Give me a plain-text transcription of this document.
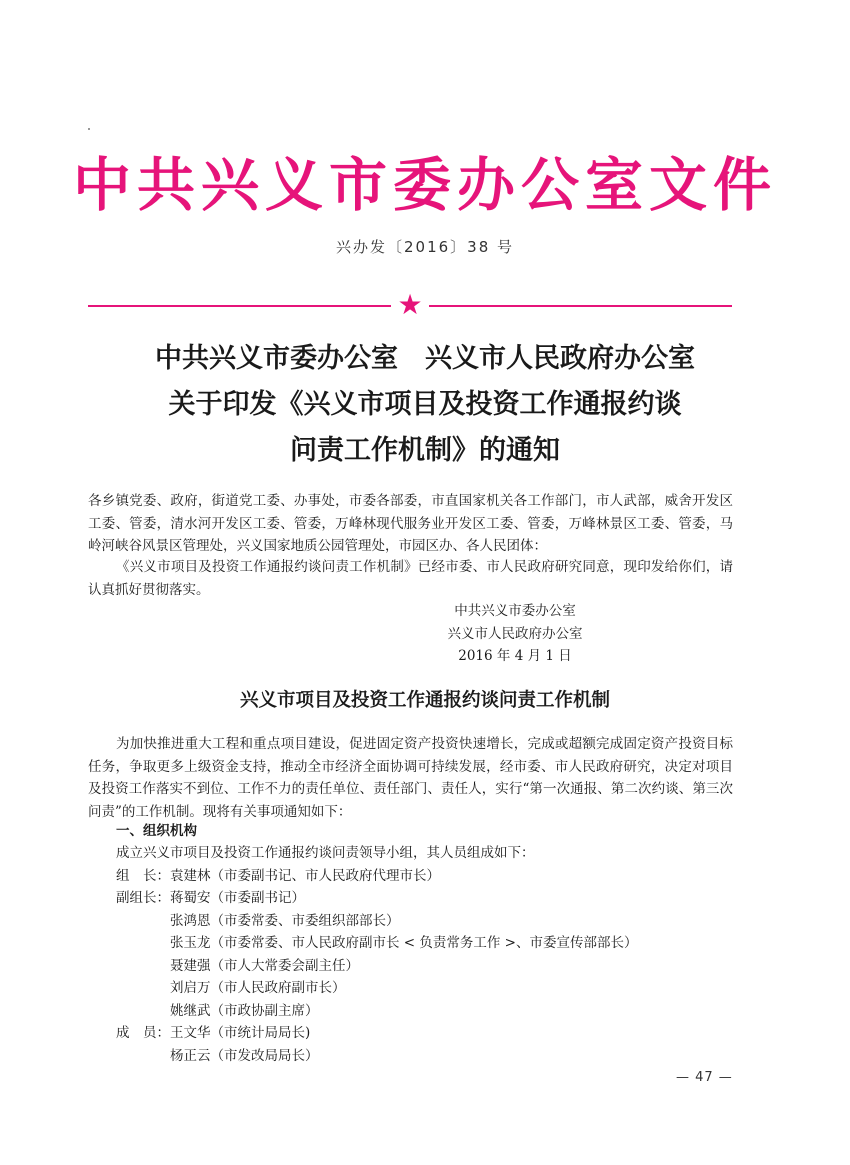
中共兴义市委办公室文件
兴办发〔2016〕38 号
★
中共兴义市委办公室　兴义市人民政府办公室
关于印发《兴义市项目及投资工作通报约谈
问责工作机制》的通知
各乡镇党委、政府，街道党工委、办事处，市委各部委，市直国家机关各工作部门，市人武部，威舍开发区工委、管委，清水河开发区工委、管委，万峰林现代服务业开发区工委、管委，万峰林景区工委、管委，马岭河峡谷风景区管理处，兴义国家地质公园管理处，市园区办、各人民团体：
《兴义市项目及投资工作通报约谈问责工作机制》已经市委、市人民政府研究同意，现印发给你们，请认真抓好贯彻落实。
中共兴义市委办公室
兴义市人民政府办公室
2016 年 4 月 1 日
兴义市项目及投资工作通报约谈问责工作机制
为加快推进重大工程和重点项目建设，促进固定资产投资快速增长，完成或超额完成固定资产投资目标任务，争取更多上级资金支持，推动全市经济全面协调可持续发展，经市委、市人民政府研究，决定对项目及投资工作落实不到位、工作不力的责任单位、责任部门、责任人，实行“第一次通报、第二次约谈、第三次问责”的工作机制。现将有关事项通知如下：
一、组织机构
成立兴义市项目及投资工作通报约谈问责领导小组，其人员组成如下：
组　长：袁建林（市委副书记、市人民政府代理市长）
副组长：蒋蜀安（市委副书记）
　　　　张鸿恩（市委常委、市委组织部部长）
　　　　张玉龙（市委常委、市人民政府副市长 < 负责常务工作 >、市委宣传部部长）
　　　　聂建强（市人大常委会副主任）
　　　　刘启万（市人民政府副市长）
　　　　姚继武（市政协副主席）
成　员：王文华（市统计局局长)
　　　　杨正云（市发改局局长）
— 47 —
